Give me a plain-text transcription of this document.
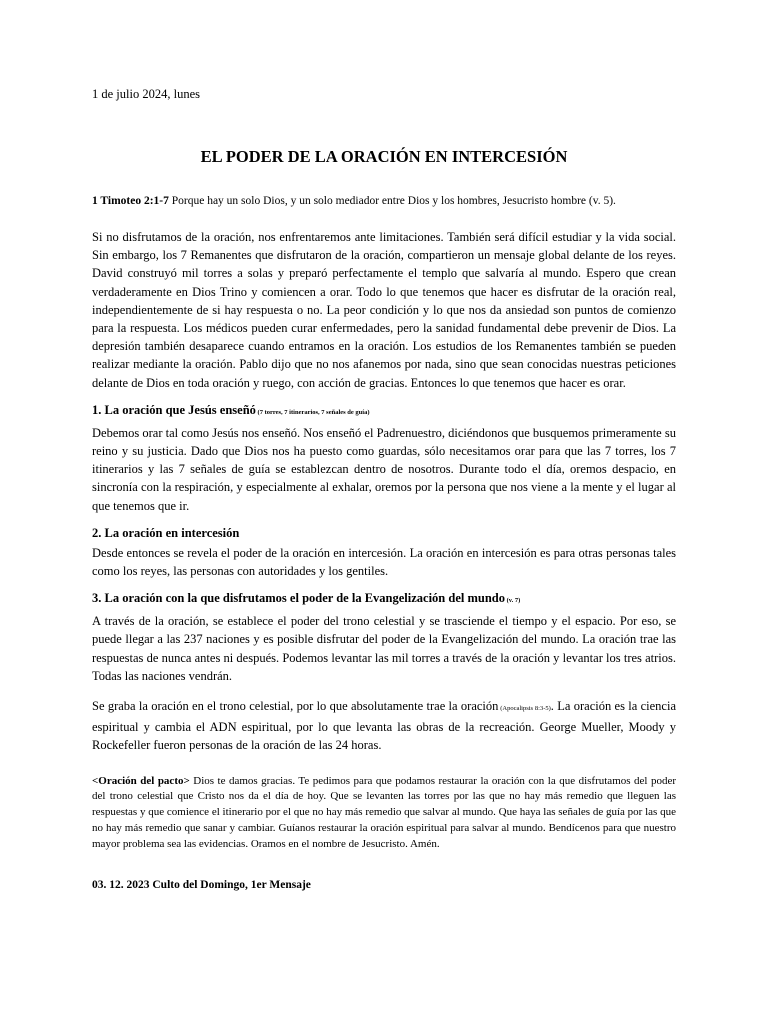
1 de julio 2024, lunes

EL PODER DE LA ORACIÓN EN INTERCESIÓN

1 Timoteo 2:1-7 Porque hay un solo Dios, y un solo mediador entre Dios y los hombres, Jesucristo hombre (v. 5).

Si no disfrutamos de la oración, nos enfrentaremos ante limitaciones. También será difícil estudiar y la vida social. Sin embargo, los 7 Remanentes que disfrutaron de la oración, compartieron un mensaje global delante de los reyes. David construyó mil torres a solas y preparó perfectamente el templo que salvaría al mundo. Espero que crean verdaderamente en Dios Trino y comiencen a orar. Todo lo que tenemos que hacer es disfrutar de la oración real, independientemente de si hay respuesta o no. La peor condición y lo que nos da ansiedad son puntos de comienzo para la respuesta. Los médicos pueden curar enfermedades, pero la sanidad fundamental debe prevenir de Dios. La depresión también desaparece cuando entramos en la oración. Los estudios de los Remanentes también se pueden realizar mediante la oración. Pablo dijo que no nos afanemos por nada, sino que sean conocidas nuestras peticiones delante de Dios en toda oración y ruego, con acción de gracias. Entonces lo que tenemos que hacer es orar.

1. La oración que Jesús enseñó (7 torres, 7 itinerarios, 7 señales de guía)

Debemos orar tal como Jesús nos enseñó. Nos enseñó el Padrenuestro, diciéndonos que busquemos primeramente su reino y su justicia. Dado que Dios nos ha puesto como guardas, sólo necesitamos orar para que las 7 torres, los 7 itinerarios y las 7 señales de guía se establezcan dentro de nosotros. Durante todo el día, oremos despacio, en sincronía con la respiración, y especialmente al exhalar, oremos por la persona que nos viene a la mente y el lugar al que tenemos que ir.

2. La oración en intercesión

Desde entonces se revela el poder de la oración en intercesión. La oración en intercesión es para otras personas tales como los reyes, las personas con autoridades y los gentiles.

3. La oración con la que disfrutamos el poder de la Evangelización del mundo (v. 7)

A través de la oración, se establece el poder del trono celestial y se trasciende el tiempo y el espacio. Por eso, se puede llegar a las 237 naciones y es posible disfrutar del poder de la Evangelización del mundo. La oración trae las respuestas de nunca antes ni después. Podemos levantar las mil torres a través de la oración y levantar los tres atrios. Todas las naciones vendrán.

Se graba la oración en el trono celestial, por lo que absolutamente trae la oración (Apocalipsis 8:3-5). La oración es la ciencia espiritual y cambia el ADN espiritual, por lo que levanta las obras de la recreación. George Mueller, Moody y Rockefeller fueron personas de la oración de las 24 horas.

<Oración del pacto> Dios te damos gracias. Te pedimos para que podamos restaurar la oración con la que disfrutamos del poder del trono celestial que Cristo nos da el día de hoy. Que se levanten las torres por las que no hay más remedio que lleguen las respuestas y que comience el itinerario por el que no hay más remedio que salvar al mundo. Que haya las señales de guía por las que no hay más remedio que sanar y cambiar. Guíanos restaurar la oración espiritual para salvar al mundo. Bendícenos para que nuestro mayor problema sea las evidencias. Oramos en el nombre de Jesucristo. Amén.

03. 12. 2023 Culto del Domingo, 1er Mensaje
